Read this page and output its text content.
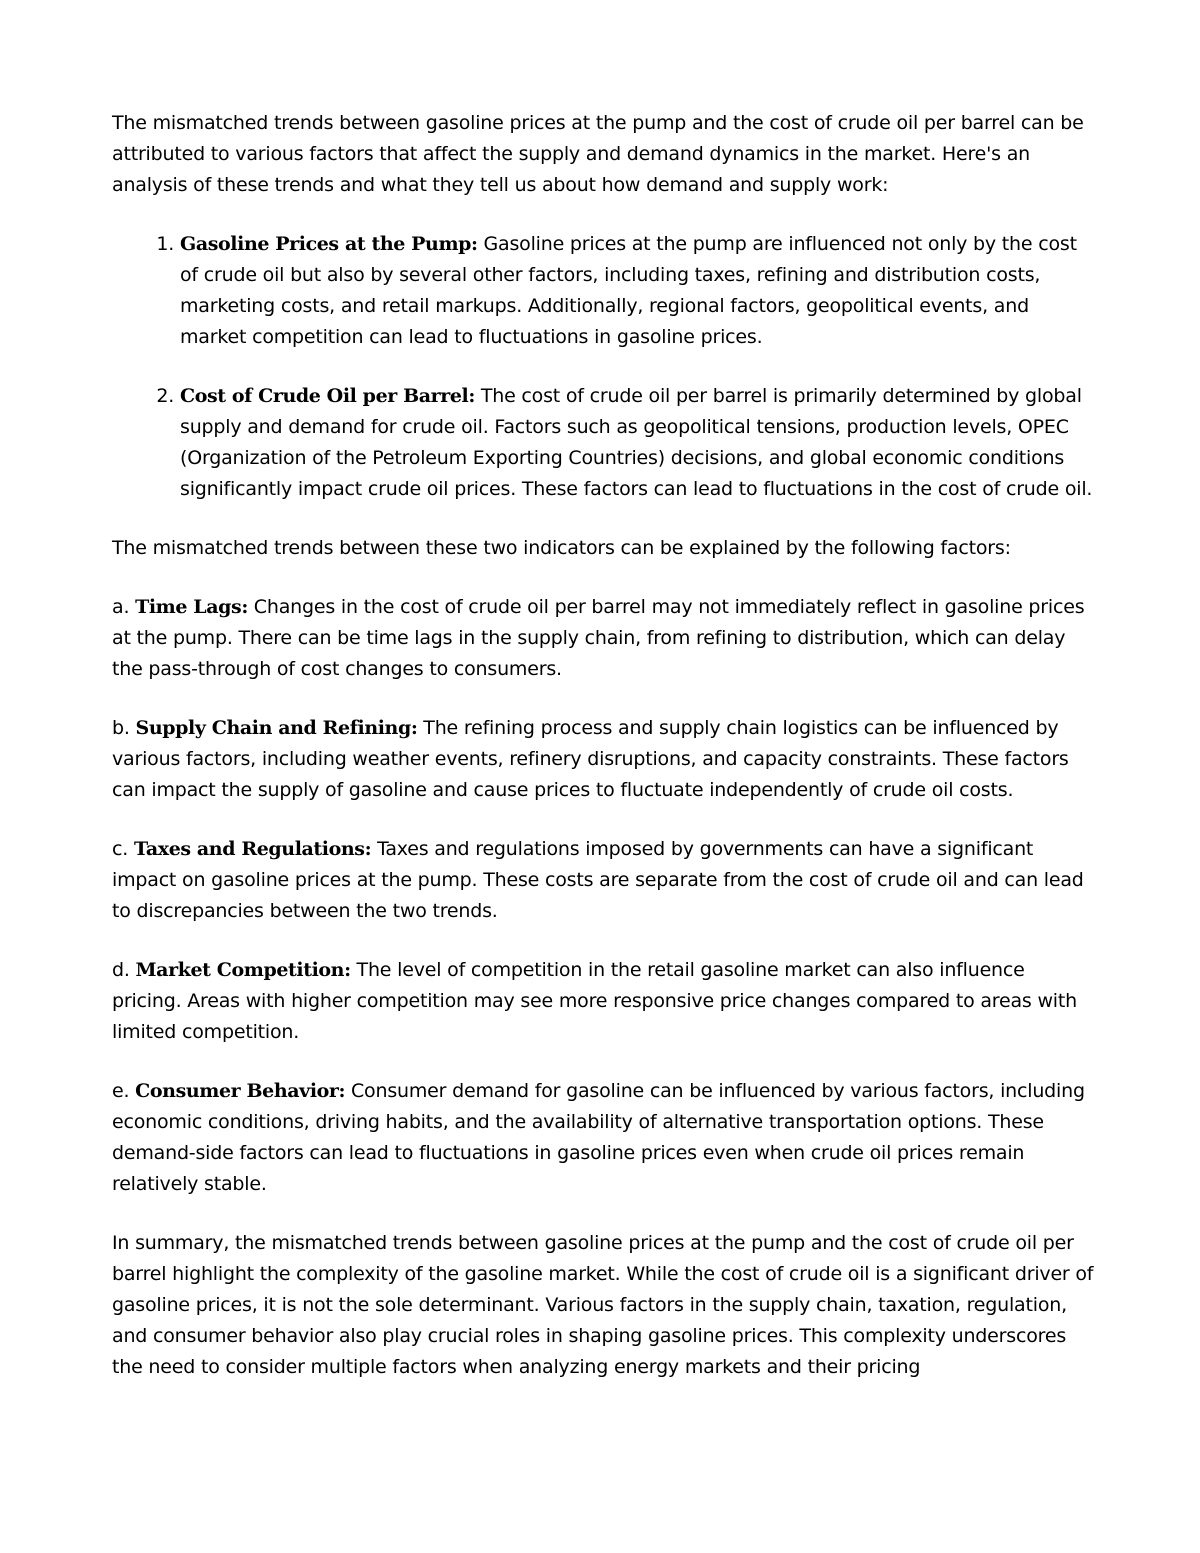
The mismatched trends between gasoline prices at the pump and the cost of crude oil per barrel can be attributed to various factors that affect the supply and demand dynamics in the market. Here's an analysis of these trends and what they tell us about how demand and supply work:

1. Gasoline Prices at the Pump: Gasoline prices at the pump are influenced not only by the cost of crude oil but also by several other factors, including taxes, refining and distribution costs, marketing costs, and retail markups. Additionally, regional factors, geopolitical events, and market competition can lead to fluctuations in gasoline prices.
2. Cost of Crude Oil per Barrel: The cost of crude oil per barrel is primarily determined by global supply and demand for crude oil. Factors such as geopolitical tensions, production levels, OPEC (Organization of the Petroleum Exporting Countries) decisions, and global economic conditions significantly impact crude oil prices. These factors can lead to fluctuations in the cost of crude oil.

The mismatched trends between these two indicators can be explained by the following factors:

a. Time Lags: Changes in the cost of crude oil per barrel may not immediately reflect in gasoline prices at the pump. There can be time lags in the supply chain, from refining to distribution, which can delay the pass-through of cost changes to consumers.

b. Supply Chain and Refining: The refining process and supply chain logistics can be influenced by various factors, including weather events, refinery disruptions, and capacity constraints. These factors can impact the supply of gasoline and cause prices to fluctuate independently of crude oil costs.

c. Taxes and Regulations: Taxes and regulations imposed by governments can have a significant impact on gasoline prices at the pump. These costs are separate from the cost of crude oil and can lead to discrepancies between the two trends.

d. Market Competition: The level of competition in the retail gasoline market can also influence pricing. Areas with higher competition may see more responsive price changes compared to areas with limited competition.

e. Consumer Behavior: Consumer demand for gasoline can be influenced by various factors, including economic conditions, driving habits, and the availability of alternative transportation options. These demand-side factors can lead to fluctuations in gasoline prices even when crude oil prices remain relatively stable.

In summary, the mismatched trends between gasoline prices at the pump and the cost of crude oil per barrel highlight the complexity of the gasoline market. While the cost of crude oil is a significant driver of gasoline prices, it is not the sole determinant. Various factors in the supply chain, taxation, regulation, and consumer behavior also play crucial roles in shaping gasoline prices. This complexity underscores the need to consider multiple factors when analyzing energy markets and their pricing
